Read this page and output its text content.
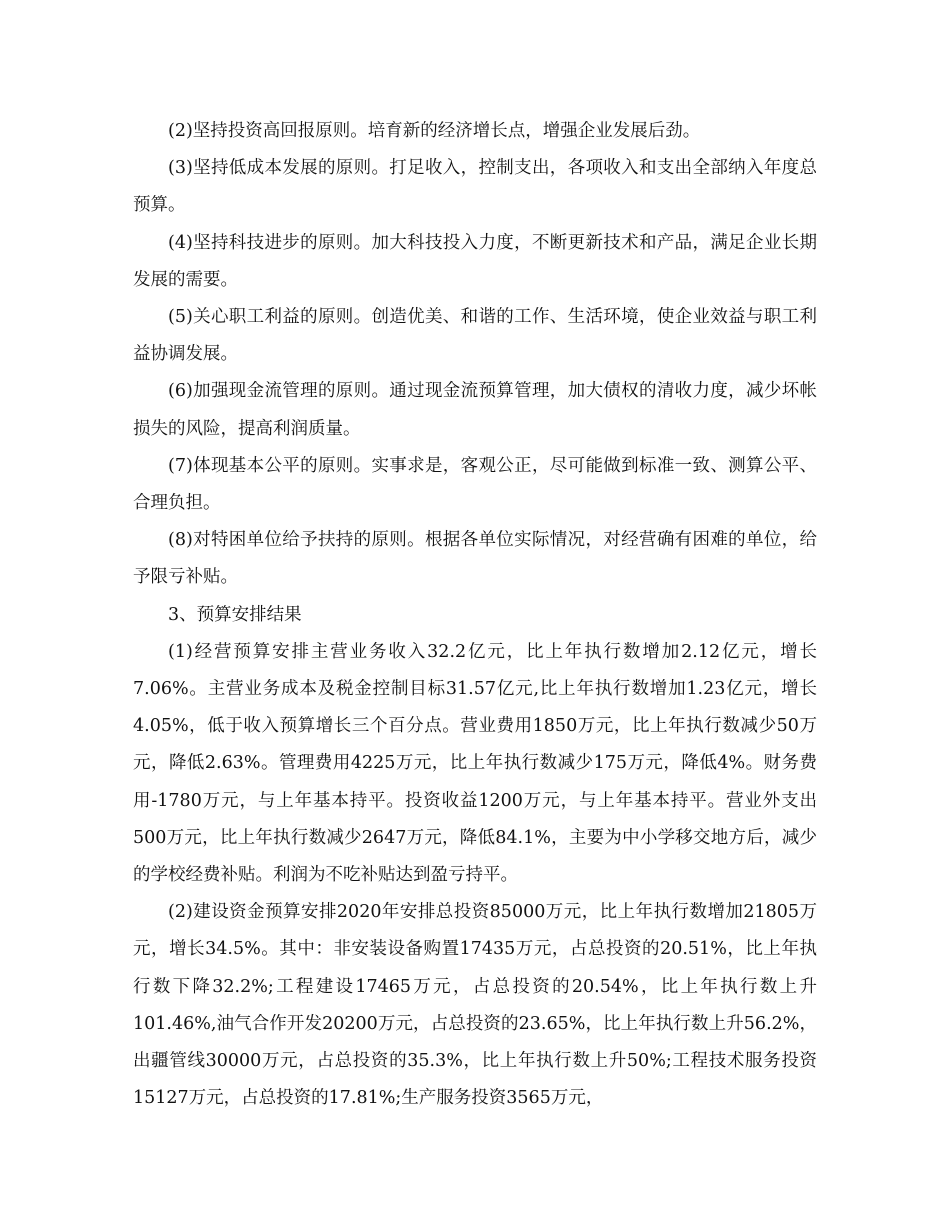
(2)坚持投资高回报原则。培育新的经济增长点，增强企业发展后劲。

(3)坚持低成本发展的原则。打足收入，控制支出，各项收入和支出全部纳入年度总预算。

(4)坚持科技进步的原则。加大科技投入力度，不断更新技术和产品，满足企业长期发展的需要。

(5)关心职工利益的原则。创造优美、和谐的工作、生活环境，使企业效益与职工利益协调发展。

(6)加强现金流管理的原则。通过现金流预算管理，加大债权的清收力度，减少坏帐损失的风险，提高利润质量。

(7)体现基本公平的原则。实事求是，客观公正，尽可能做到标准一致、测算公平、合理负担。

(8)对特困单位给予扶持的原则。根据各单位实际情况，对经营确有困难的单位，给予限亏补贴。

3、预算安排结果

(1)经营预算安排主营业务收入32.2亿元，比上年执行数增加2.12亿元，增长7.06%。主营业务成本及税金控制目标31.57亿元,比上年执行数增加1.23亿元，增长4.05%，低于收入预算增长三个百分点。营业费用1850万元，比上年执行数减少50万元，降低2.63%。管理费用4225万元，比上年执行数减少175万元，降低4%。财务费用-1780万元，与上年基本持平。投资收益1200万元，与上年基本持平。营业外支出500万元，比上年执行数减少2647万元，降低84.1%，主要为中小学移交地方后，减少的学校经费补贴。利润为不吃补贴达到盈亏持平。

(2)建设资金预算安排2020年安排总投资85000万元，比上年执行数增加21805万元，增长34.5%。其中：非安装设备购置17435万元，占总投资的20.51%，比上年执行数下降32.2%;工程建设17465万元，占总投资的20.54%，比上年执行数上升101.46%,油气合作开发20200万元，占总投资的23.65%，比上年执行数上升56.2%，出疆管线30000万元，占总投资的35.3%，比上年执行数上升50%;工程技术服务投资15127万元，占总投资的17.81%;生产服务投资3565万元，
